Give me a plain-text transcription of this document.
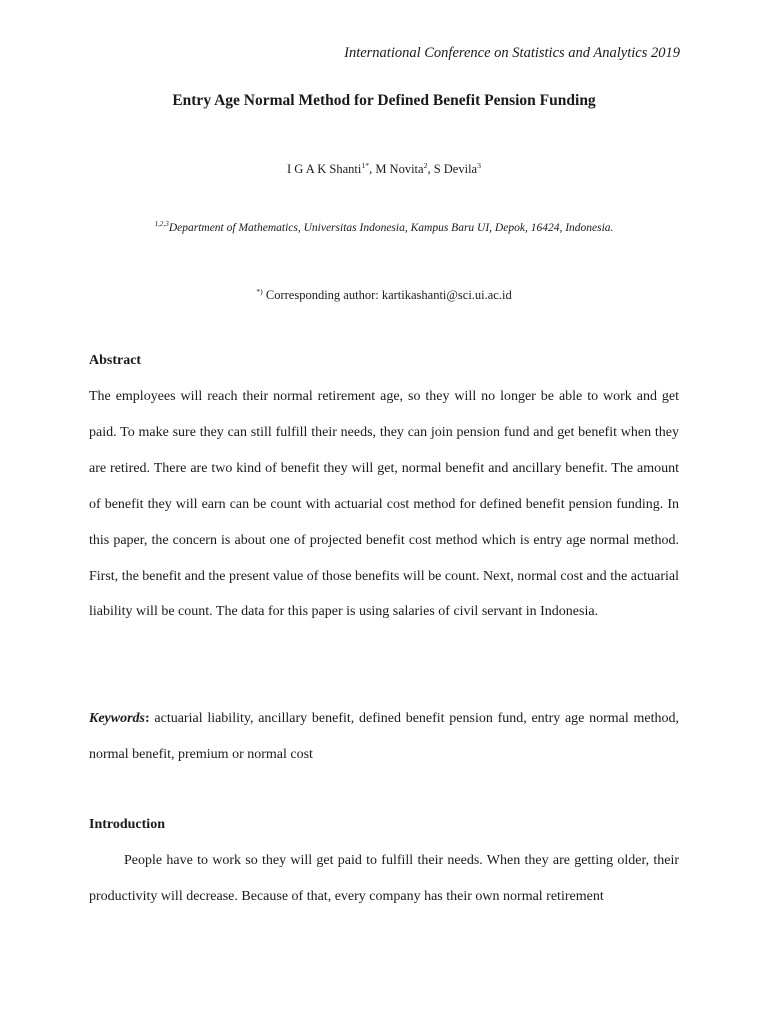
International Conference on Statistics and Analytics 2019
Entry Age Normal Method for Defined Benefit Pension Funding
I G A K Shanti$^{1*}$, M Novita$^2$, S Devila$^3$
$^{1,2,3}$Department of Mathematics, Universitas Indonesia, Kampus Baru UI, Depok, 16424, Indonesia.
*) Corresponding author: kartikashanti@sci.ui.ac.id
Abstract
The employees will reach their normal retirement age, so they will no longer be able to work and get paid. To make sure they can still fulfill their needs, they can join pension fund and get benefit when they are retired. There are two kind of benefit they will get, normal benefit and ancillary benefit. The amount of benefit they will earn can be count with actuarial cost method for defined benefit pension funding. In this paper, the concern is about one of projected benefit cost method which is entry age normal method. First, the benefit and the present value of those benefits will be count. Next, normal cost and the actuarial liability will be count. The data for this paper is using salaries of civil servant in Indonesia.
Keywords: actuarial liability, ancillary benefit, defined benefit pension fund, entry age normal method, normal benefit, premium or normal cost
Introduction
People have to work so they will get paid to fulfill their needs. When they are getting older, their productivity will decrease. Because of that, every company has their own normal retirement
